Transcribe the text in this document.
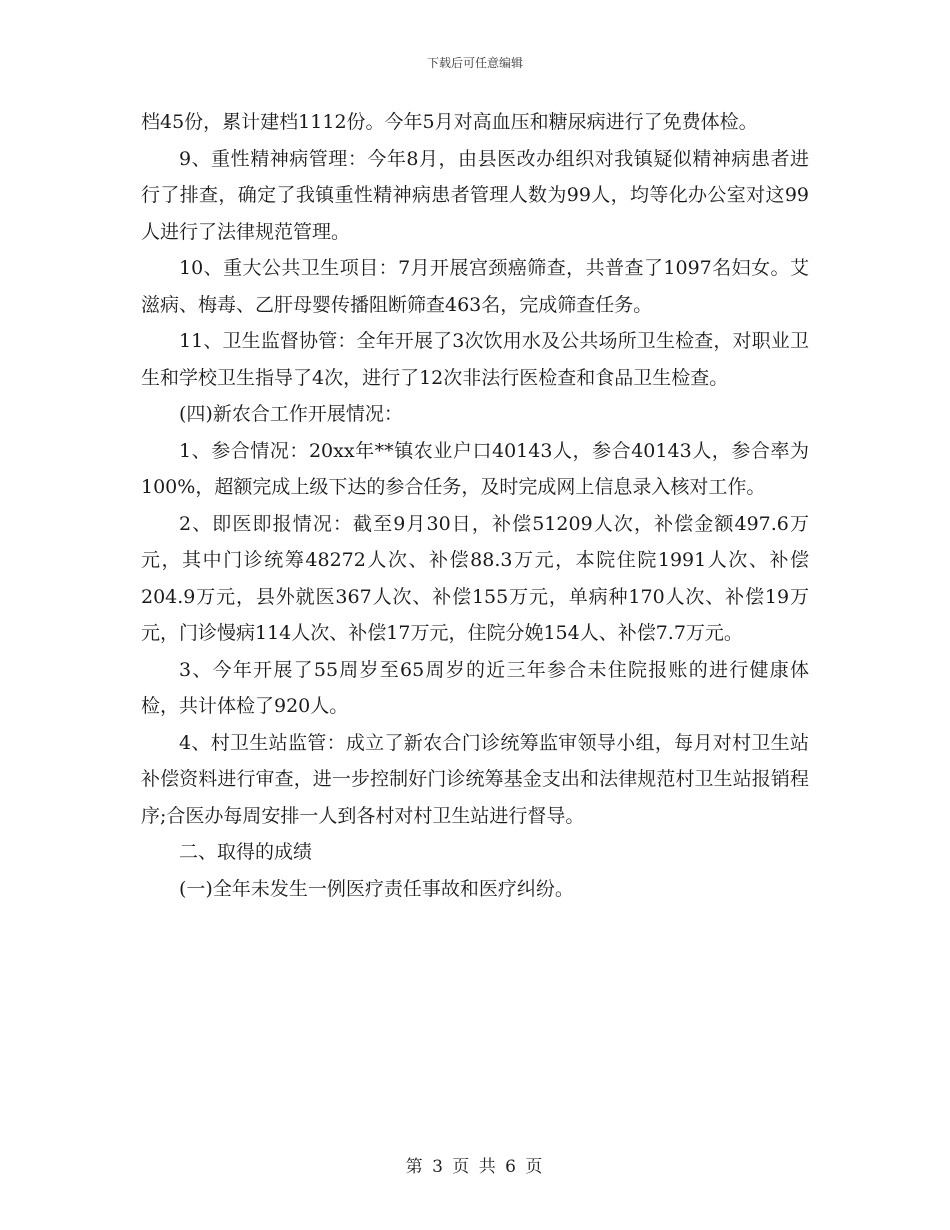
下载后可任意编辑

档45份，累计建档1112份。今年5月对高血压和糖尿病进行了免费体检。

9、重性精神病管理：今年8月，由县医改办组织对我镇疑似精神病患者进行了排查，确定了我镇重性精神病患者管理人数为99人，均等化办公室对这99人进行了法律规范管理。

10、重大公共卫生项目：7月开展宫颈癌筛查，共普查了1097名妇女。艾滋病、梅毒、乙肝母婴传播阻断筛查463名，完成筛查任务。

11、卫生监督协管：全年开展了3次饮用水及公共场所卫生检查，对职业卫生和学校卫生指导了4次，进行了12次非法行医检查和食品卫生检查。

(四)新农合工作开展情况：

1、参合情况：20xx年**镇农业户口40143人，参合40143人，参合率为100%，超额完成上级下达的参合任务，及时完成网上信息录入核对工作。

2、即医即报情况：截至9月30日，补偿51209人次，补偿金额497.6万元，其中门诊统筹48272人次、补偿88.3万元，本院住院1991人次、补偿204.9万元，县外就医367人次、补偿155万元，单病种170人次、补偿19万元，门诊慢病114人次、补偿17万元，住院分娩154人、补偿7.7万元。

3、今年开展了55周岁至65周岁的近三年参合未住院报账的进行健康体检，共计体检了920人。

4、村卫生站监管：成立了新农合门诊统筹监审领导小组，每月对村卫生站补偿资料进行审查，进一步控制好门诊统筹基金支出和法律规范村卫生站报销程序;合医办每周安排一人到各村对村卫生站进行督导。

二、取得的成绩

(一)全年未发生一例医疗责任事故和医疗纠纷。

第 3 页 共 6 页
